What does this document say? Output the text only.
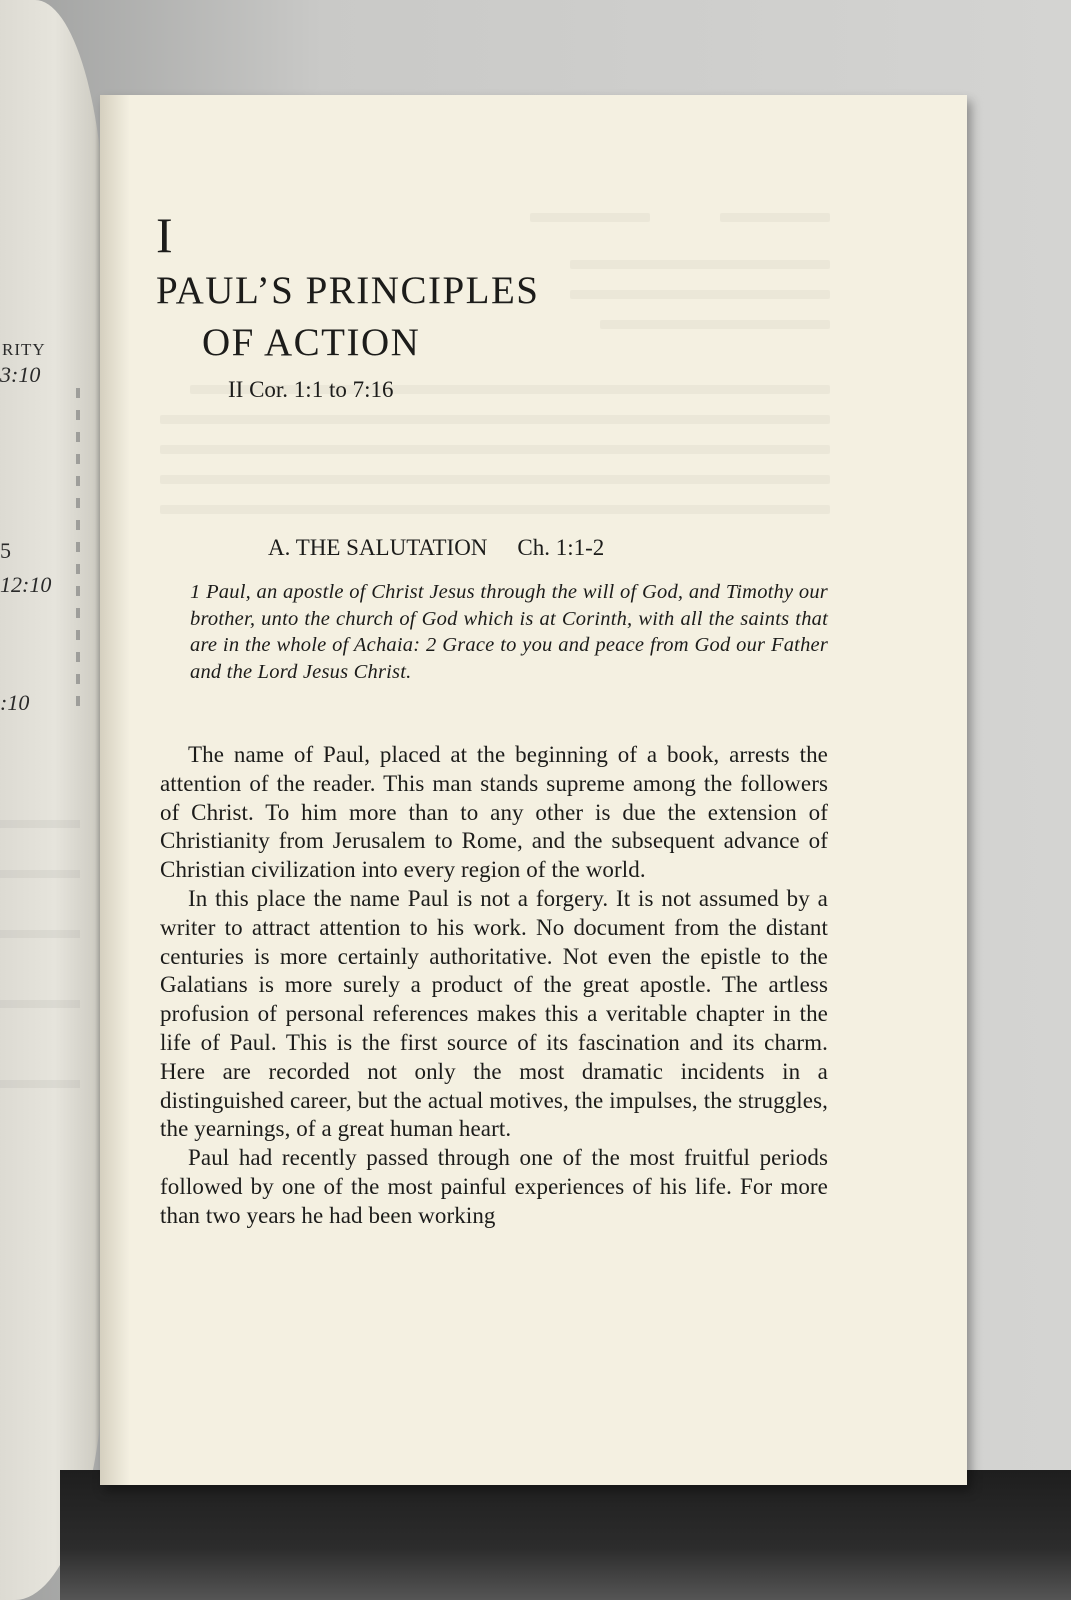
RITY
3:10
5
12:10
:10
I
PAUL’S PRINCIPLES
OF ACTION
II Cor. 1:1 to 7:16
A. THE SALUTATION Ch. 1:1-2
1 Paul, an apostle of Christ Jesus through the will of God, and Timothy our brother, unto the church of God which is at Corinth, with all the saints that are in the whole of Achaia: 2 Grace to you and peace from God our Father and the Lord Jesus Christ.

The name of Paul, placed at the beginning of a book, arrests the attention of the reader. This man stands supreme among the followers of Christ. To him more than to any other is due the extension of Christianity from Jerusalem to Rome, and the subsequent advance of Christian civilization into every region of the world.

In this place the name Paul is not a forgery. It is not assumed by a writer to attract attention to his work. No document from the distant centuries is more certainly authoritative. Not even the epistle to the Galatians is more surely a product of the great apostle. The artless profusion of personal references makes this a veritable chapter in the life of Paul. This is the first source of its fascination and its charm. Here are recorded not only the most dramatic incidents in a distinguished career, but the actual motives, the impulses, the struggles, the yearnings, of a great human heart.

Paul had recently passed through one of the most fruitful periods followed by one of the most painful experiences of his life. For more than two years he had been working
